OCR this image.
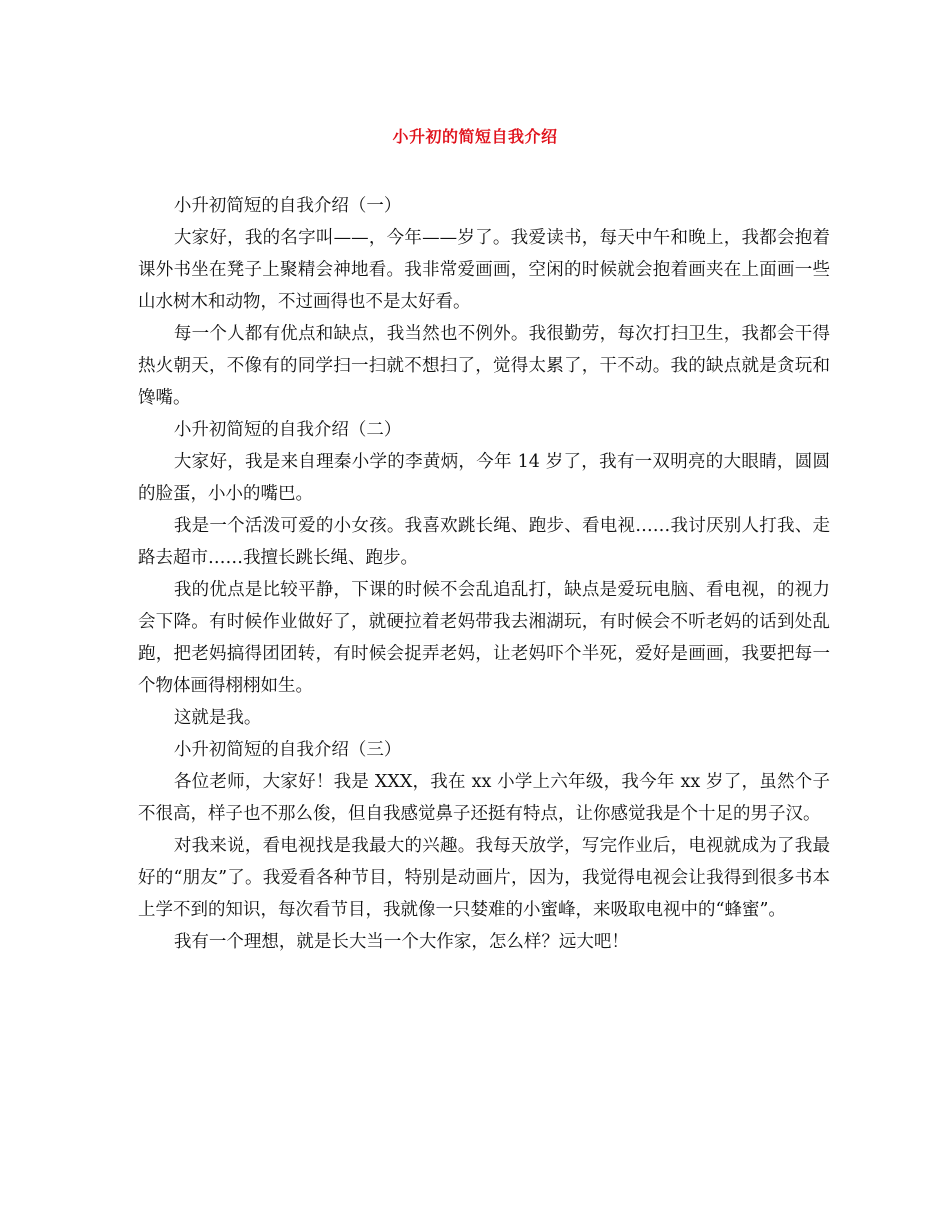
小升初的简短自我介绍

小升初简短的自我介绍（一）

大家好，我的名字叫——，今年——岁了。我爱读书，每天中午和晚上，我都会抱着课外书坐在凳子上聚精会神地看。我非常爱画画，空闲的时候就会抱着画夹在上面画一些山水树木和动物，不过画得也不是太好看。

每一个人都有优点和缺点，我当然也不例外。我很勤劳，每次打扫卫生，我都会干得热火朝天，不像有的同学扫一扫就不想扫了，觉得太累了，干不动。我的缺点就是贪玩和馋嘴。

小升初简短的自我介绍（二）

大家好，我是来自理秦小学的李黄炳，今年 14 岁了，我有一双明亮的大眼睛，圆圆的脸蛋，小小的嘴巴。

我是一个活泼可爱的小女孩。我喜欢跳长绳、跑步、看电视……我讨厌别人打我、走路去超市……我擅长跳长绳、跑步。

我的优点是比较平静，下课的时候不会乱追乱打，缺点是爱玩电脑、看电视，的视力会下降。有时候作业做好了，就硬拉着老妈带我去湘湖玩，有时候会不听老妈的话到处乱跑，把老妈搞得团团转，有时候会捉弄老妈，让老妈吓个半死，爱好是画画，我要把每一个物体画得栩栩如生。

这就是我。

小升初简短的自我介绍（三）

各位老师，大家好！我是 XXX，我在 xx 小学上六年级，我今年 xx 岁了，虽然个子不很高，样子也不那么俊，但自我感觉鼻子还挺有特点，让你感觉我是个十足的男子汉。

对我来说，看电视找是我最大的兴趣。我每天放学，写完作业后，电视就成为了我最好的“朋友”了。我爱看各种节目，特别是动画片，因为，我觉得电视会让我得到很多书本上学不到的知识，每次看节目，我就像一只婪难的小蜜峰，来吸取电视中的“蜂蜜”。

我有一个理想，就是长大当一个大作家，怎么样？远大吧！
